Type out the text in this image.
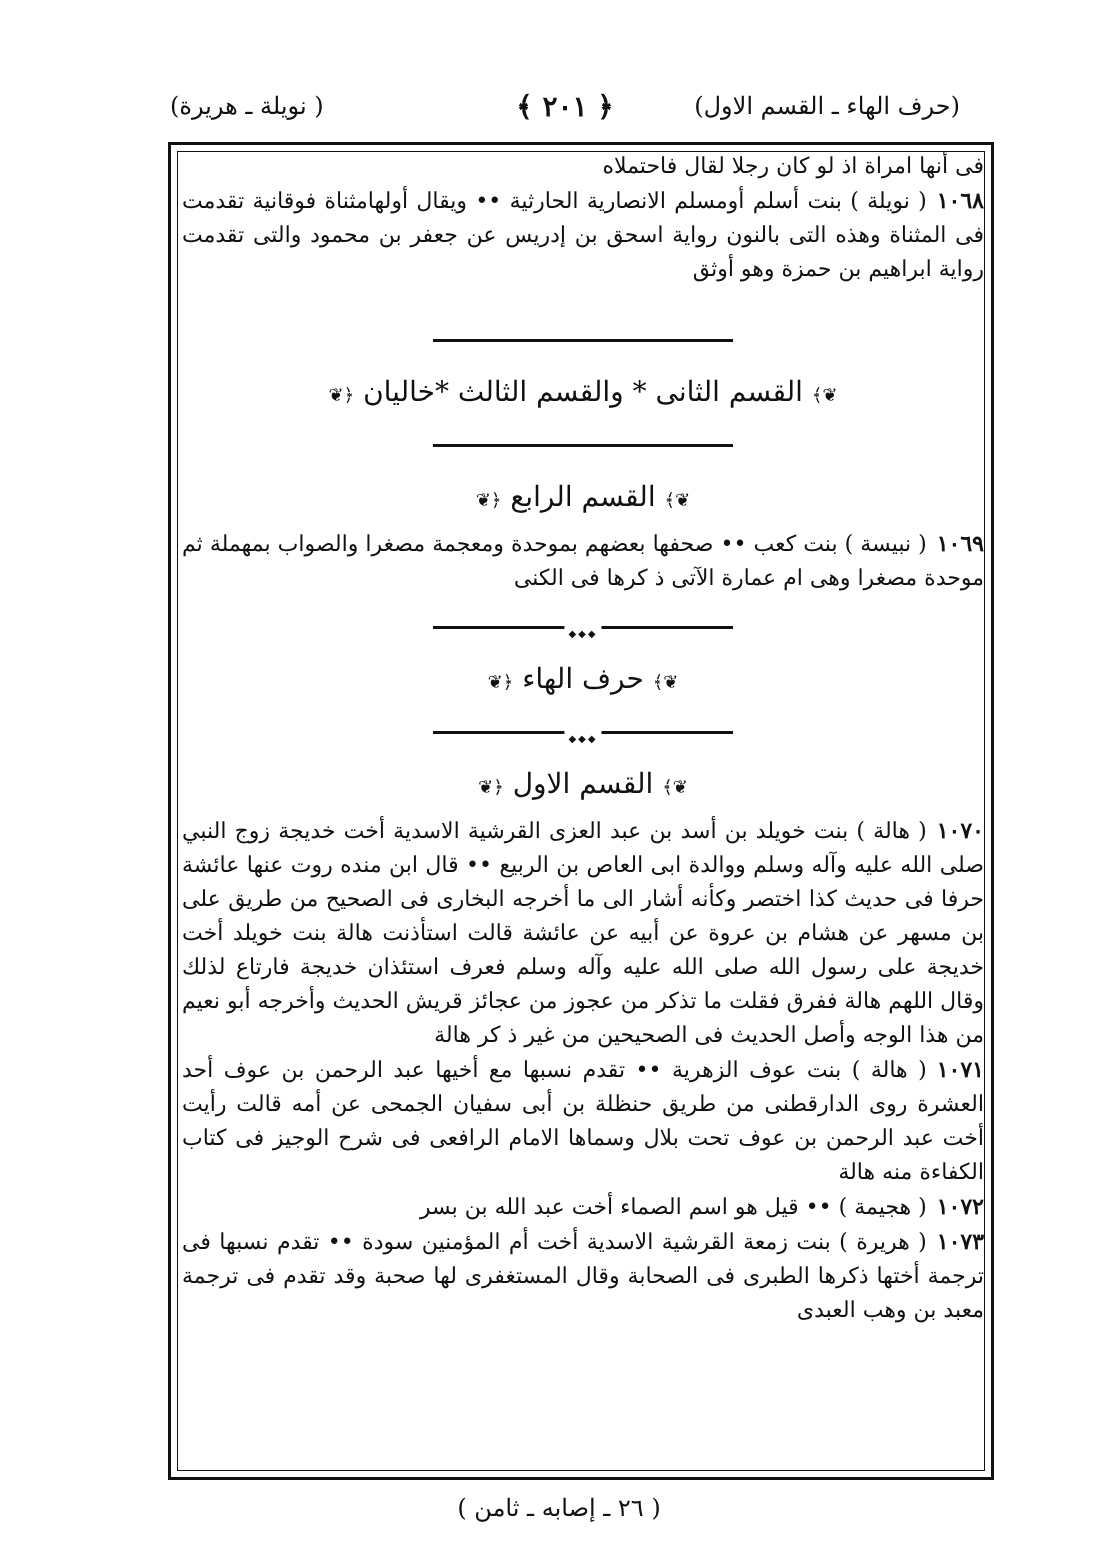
(حرف الهاء ـ القسم الاول)
﴿ ٢٠١ ﴾
( نويلة ـ هريرة)

فى أنها امراة اذ لو كان رجلا لقال فاحتملاه

١٠٦٨( نويلة ) بنت أسلم أومسلم الانصارية الحارثية •• ويقال أولهامثناة فوقانية تقدمت فى المثناة وهذه التى بالنون رواية اسحق بن إدريس عن جعفر بن محمود والتى تقدمت رواية ابراهيم بن حمزة وهو أوثق

❦﴾ القسم الثانى * والقسم الثالث *خاليان ﴿❦
❦﴾ القسم الرابع ﴿❦

١٠٦٩( نبيسة ) بنت كعب •• صحفها بعضهم بموحدة ومعجمة مصغرا والصواب بمهملة ثم موحدة مصغرا وهى ام عمارة الآتى ذ كرها فى الكنى

◆◆◆
❦﴾ حرف الهاء ﴿❦
◆◆◆
❦﴾ القسم الاول ﴿❦

١٠٧٠( هالة ) بنت خويلد بن أسد بن عبد العزى القرشية الاسدية أخت خديجة زوج النبي صلى الله عليه وآله وسلم ووالدة ابى العاص بن الربيع •• قال ابن منده روت عنها عائشة حرفا فى حديث كذا اختصر وكأنه أشار الى ما أخرجه البخارى فى الصحيح من طريق على بن مسهر عن هشام بن عروة عن أبيه عن عائشة قالت استأذنت هالة بنت خويلد أخت خديجة على رسول الله صلى الله عليه وآله وسلم فعرف استئذان خديجة فارتاع لذلك وقال اللهم هالة ففرق فقلت ما تذكر من عجوز من عجائز قريش الحديث وأخرجه أبو نعيم من هذا الوجه وأصل الحديث فى الصحيحين من غير ذ كر هالة

١٠٧١( هالة ) بنت عوف الزهرية •• تقدم نسبها مع أخيها عبد الرحمن بن عوف أحد العشرة روى الدارقطنى من طريق حنظلة بن أبى سفيان الجمحى عن أمه قالت رأيت أخت عبد الرحمن بن عوف تحت بلال وسماها الامام الرافعى فى شرح الوجيز فى كتاب الكفاءة منه هالة

١٠٧٢( هجيمة ) •• قيل هو اسم الصماء أخت عبد الله بن بسر

١٠٧٣( هريرة ) بنت زمعة القرشية الاسدية أخت أم المؤمنين سودة •• تقدم نسبها فى ترجمة أختها ذكرها الطبرى فى الصحابة وقال المستغفرى لها صحبة وقد تقدم فى ترجمة معبد بن وهب العبدى

( ٢٦ ـ إصابه ـ ثامن )
